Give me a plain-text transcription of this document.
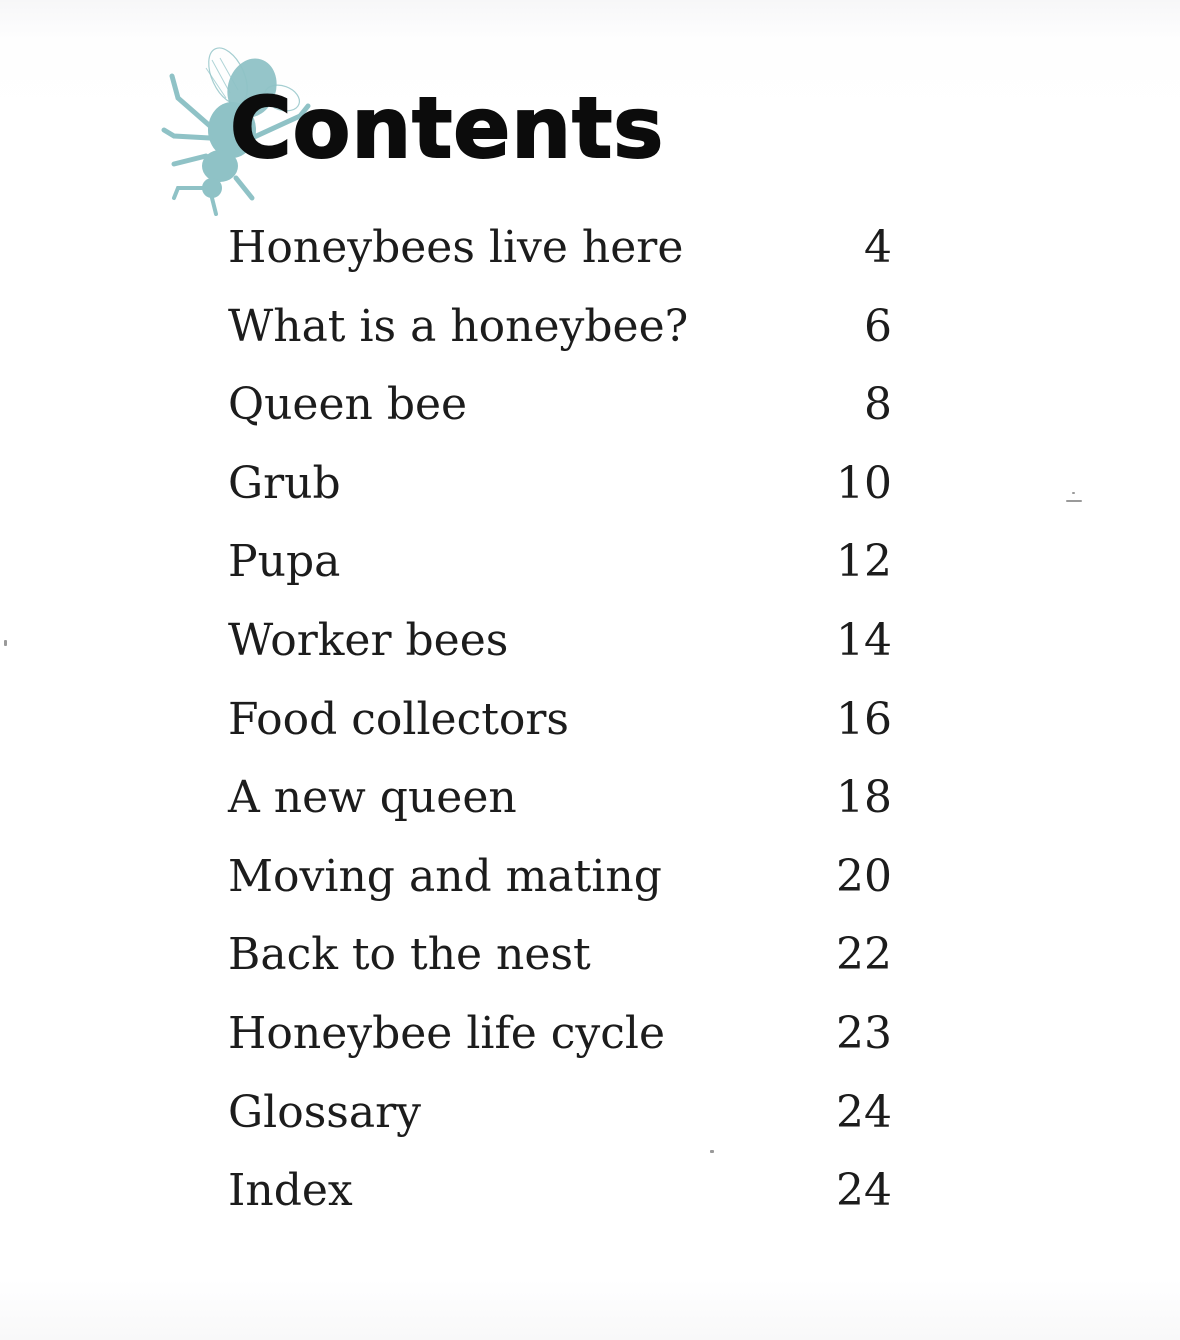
Contents
Honeybees live here	4
What is a honeybee?	6
Queen bee	8
Grub	10
Pupa	12
Worker bees	14
Food collectors	16
A new queen	18
Moving and mating	20
Back to the nest	22
Honeybee life cycle	23
Glossary	24
Index	24
